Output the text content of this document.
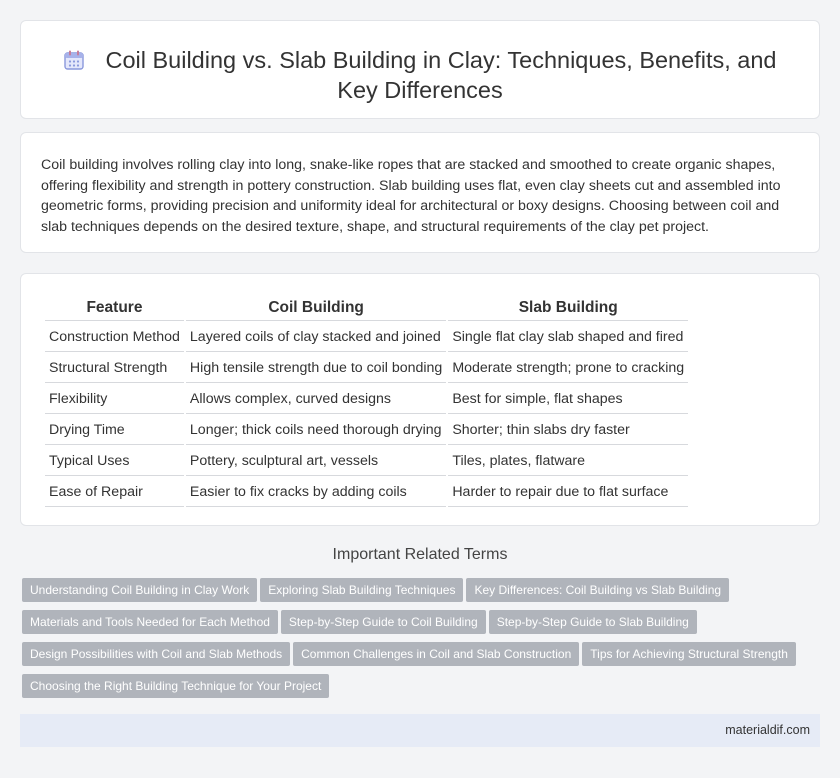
Coil Building vs. Slab Building in Clay: Techniques, Benefits, and Key Differences

Coil building involves rolling clay into long, snake-like ropes that are stacked and smoothed to create organic shapes, offering flexibility and strength in pottery construction. Slab building uses flat, even clay sheets cut and assembled into geometric forms, providing precision and uniformity ideal for architectural or boxy designs. Choosing between coil and slab techniques depends on the desired texture, shape, and structural requirements of the clay pet project.

Feature	Coil Building	Slab Building
Construction Method	Layered coils of clay stacked and joined	Single flat clay slab shaped and fired
Structural Strength	High tensile strength due to coil bonding	Moderate strength; prone to cracking
Flexibility	Allows complex, curved designs	Best for simple, flat shapes
Drying Time	Longer; thick coils need thorough drying	Shorter; thin slabs dry faster
Typical Uses	Pottery, sculptural art, vessels	Tiles, plates, flatware
Ease of Repair	Easier to fix cracks by adding coils	Harder to repair due to flat surface
Important Related Terms
Understanding Coil Building in Clay Work Exploring Slab Building Techniques Key Differences: Coil Building vs Slab Building
Materials and Tools Needed for Each Method Step-by-Step Guide to Coil Building Step-by-Step Guide to Slab Building
Design Possibilities with Coil and Slab Methods Common Challenges in Coil and Slab Construction Tips for Achieving Structural Strength
Choosing the Right Building Technique for Your Project
materialdif.com
